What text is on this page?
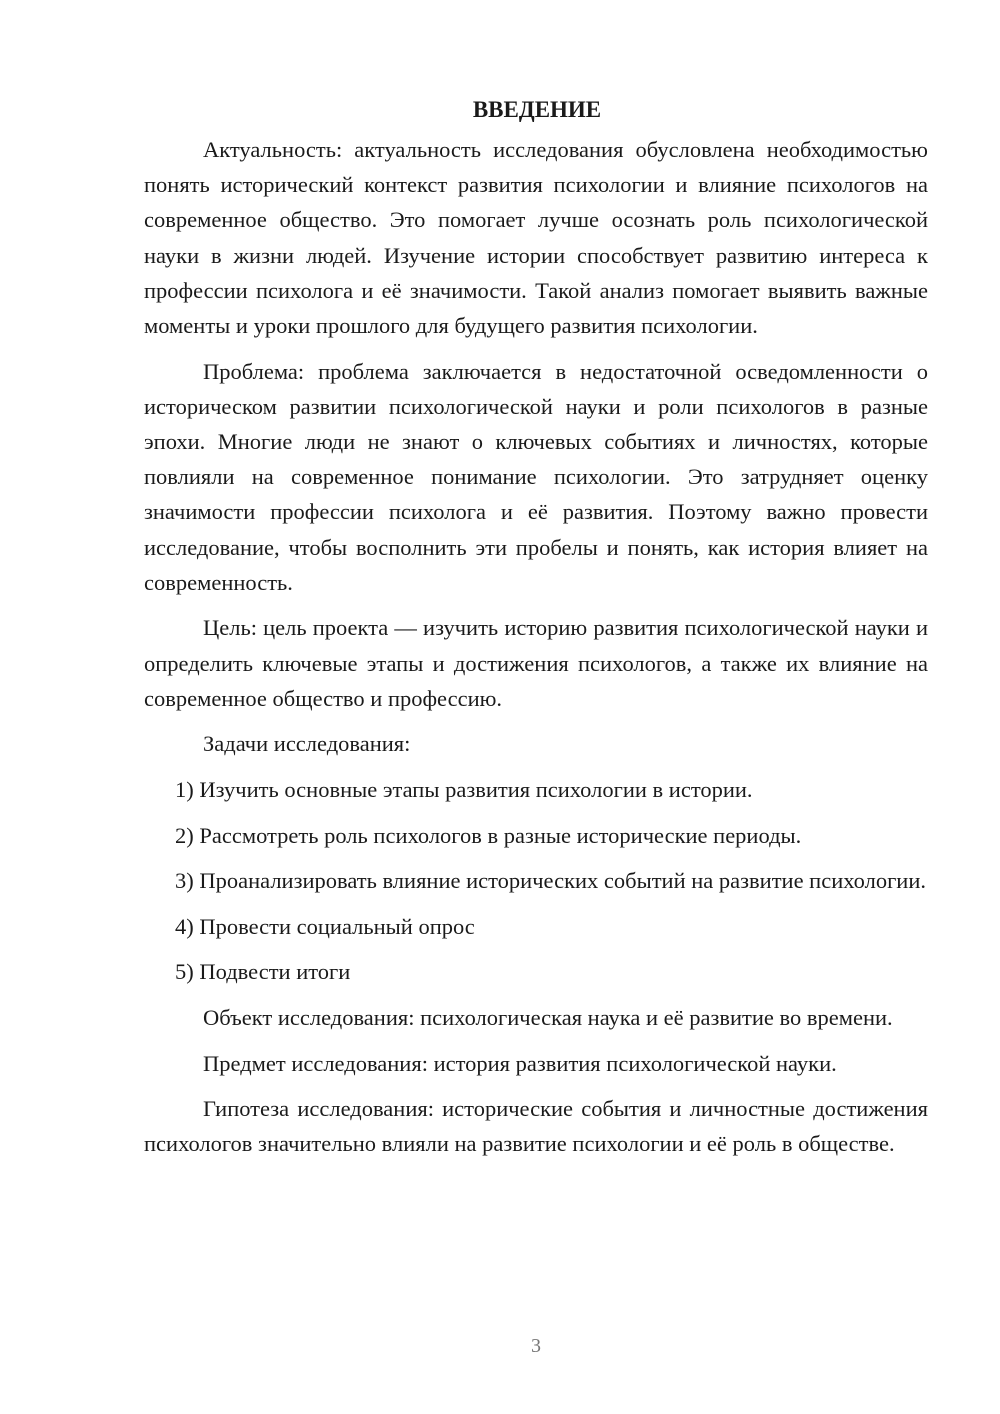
ВВЕДЕНИЕ

Актуальность: актуальность исследования обусловлена необходимостью понять исторический контекст развития психологии и влияние психологов на современное общество. Это помогает лучше осознать роль психологической науки в жизни людей. Изучение истории способствует развитию интереса к профессии психолога и её значимости. Такой анализ помогает выявить важные моменты и уроки прошлого для будущего развития психологии.

Проблема: проблема заключается в недостаточной осведомленности о историческом развитии психологической науки и роли психологов в разные эпохи. Многие люди не знают о ключевых событиях и личностях, которые повлияли на современное понимание психологии. Это затрудняет оценку значимости профессии психолога и её развития. Поэтому важно провести исследование, чтобы восполнить эти пробелы и понять, как история влияет на современность.

Цель: цель проекта — изучить историю развития психологической науки и определить ключевые этапы и достижения психологов, а также их влияние на современное общество и профессию.

Задачи исследования:

1) Изучить основные этапы развития психологии в истории.

2) Рассмотреть роль психологов в разные исторические периоды.

3) Проанализировать влияние исторических событий на развитие психологии.

4) Провести социальный опрос

5) Подвести итоги

Объект исследования: психологическая наука и её развитие во времени.

Предмет исследования: история развития психологической науки.

Гипотеза исследования: исторические события и личностные достижения психологов значительно влияли на развитие психологии и её роль в обществе.

3
